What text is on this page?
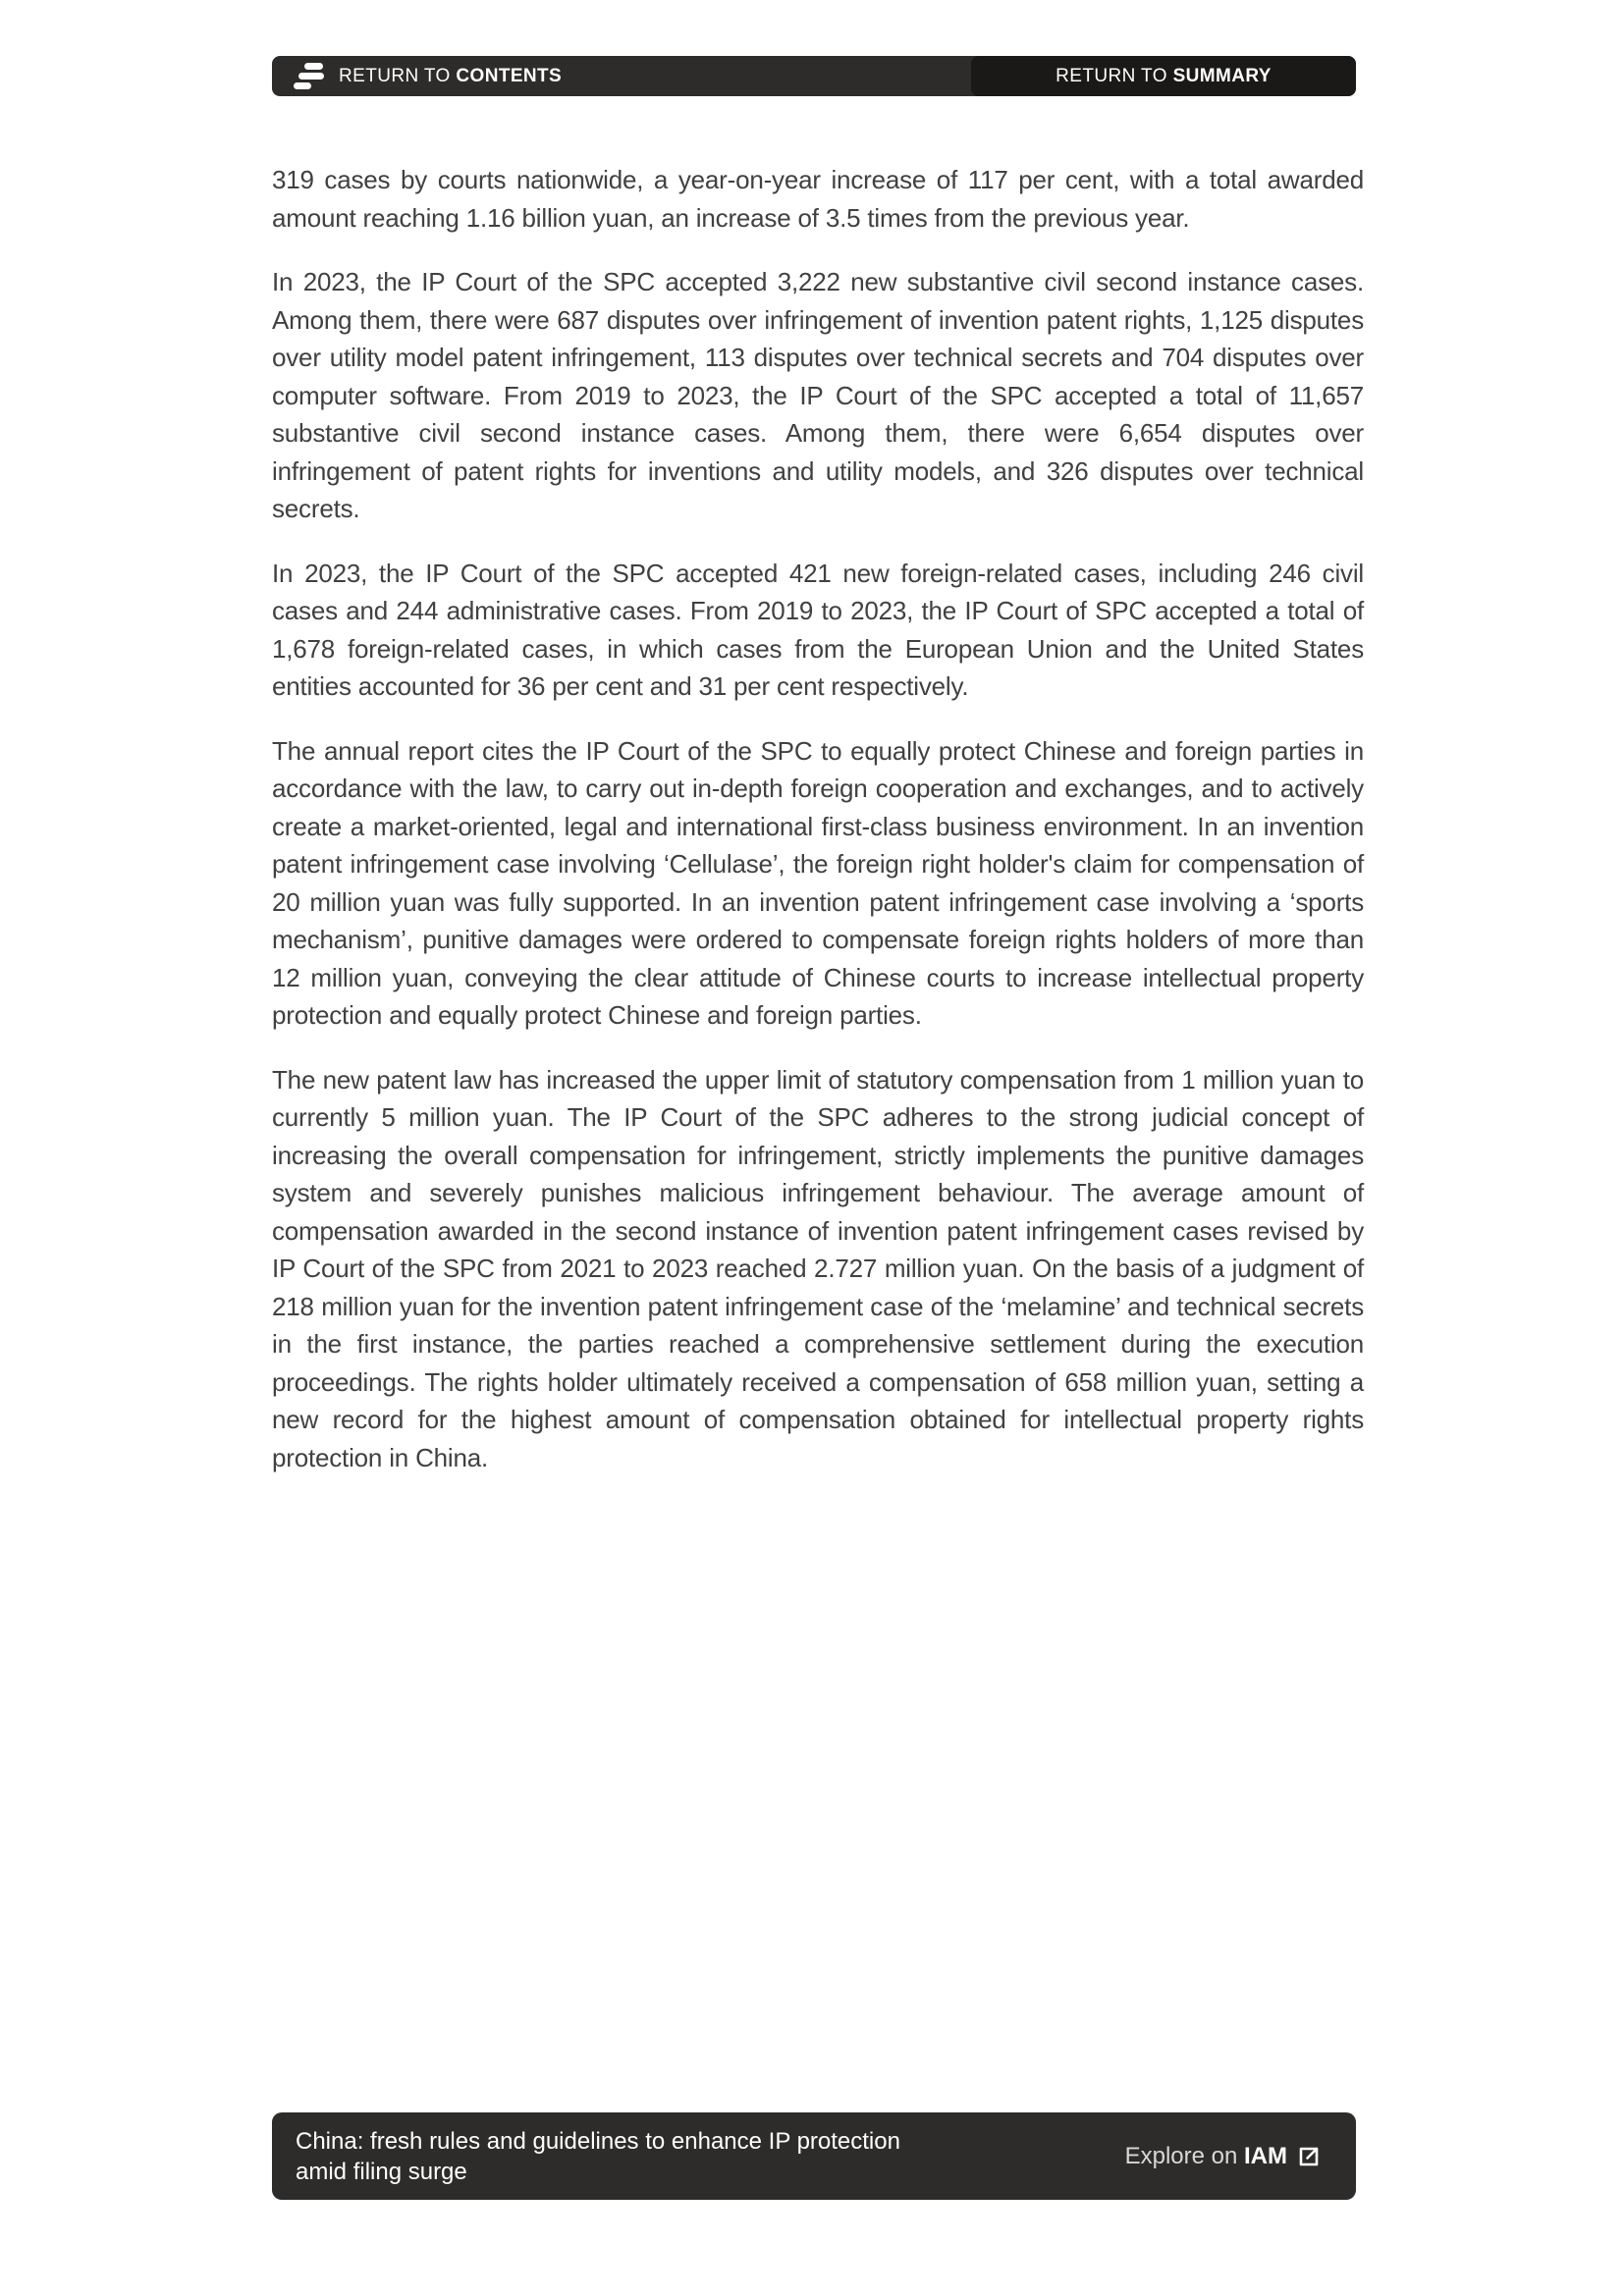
RETURN TO CONTENTS	RETURN TO SUMMARY

319 cases by courts nationwide, a year-on-year increase of 117 per cent, with a total awarded amount reaching 1.16 billion yuan, an increase of 3.5 times from the previous year.

In 2023, the IP Court of the SPC accepted 3,222 new substantive civil second instance cases. Among them, there were 687 disputes over infringement of invention patent rights, 1,125 disputes over utility model patent infringement, 113 disputes over technical secrets and 704 disputes over computer software. From 2019 to 2023, the IP Court of the SPC accepted a total of 11,657 substantive civil second instance cases. Among them, there were 6,654 disputes over infringement of patent rights for inventions and utility models, and 326 disputes over technical secrets.

In 2023, the IP Court of the SPC accepted 421 new foreign-related cases, including 246 civil cases and 244 administrative cases. From 2019 to 2023, the IP Court of SPC accepted a total of 1,678 foreign-related cases, in which cases from the European Union and the United States entities accounted for 36 per cent and 31 per cent respectively.

The annual report cites the IP Court of the SPC to equally protect Chinese and foreign parties in accordance with the law, to carry out in-depth foreign cooperation and exchanges, and to actively create a market-oriented, legal and international first-class business environment. In an invention patent infringement case involving ‘Cellulase’, the foreign right holder's claim for compensation of 20 million yuan was fully supported. In an invention patent infringement case involving a ‘sports mechanism’, punitive damages were ordered to compensate foreign rights holders of more than 12 million yuan, conveying the clear attitude of Chinese courts to increase intellectual property protection and equally protect Chinese and foreign parties.

The new patent law has increased the upper limit of statutory compensation from 1 million yuan to currently 5 million yuan. The IP Court of the SPC adheres to the strong judicial concept of increasing the overall compensation for infringement, strictly implements the punitive damages system and severely punishes malicious infringement behaviour. The average amount of compensation awarded in the second instance of invention patent infringement cases revised by IP Court of the SPC from 2021 to 2023 reached 2.727 million yuan. On the basis of a judgment of 218 million yuan for the invention patent infringement case of the ‘melamine’ and technical secrets in the first instance, the parties reached a comprehensive settlement during the execution proceedings. The rights holder ultimately received a compensation of 658 million yuan, setting a new record for the highest amount of compensation obtained for intellectual property rights protection in China.

China: fresh rules and guidelines to enhance IP protection
amid filing surge
Explore on IAM
